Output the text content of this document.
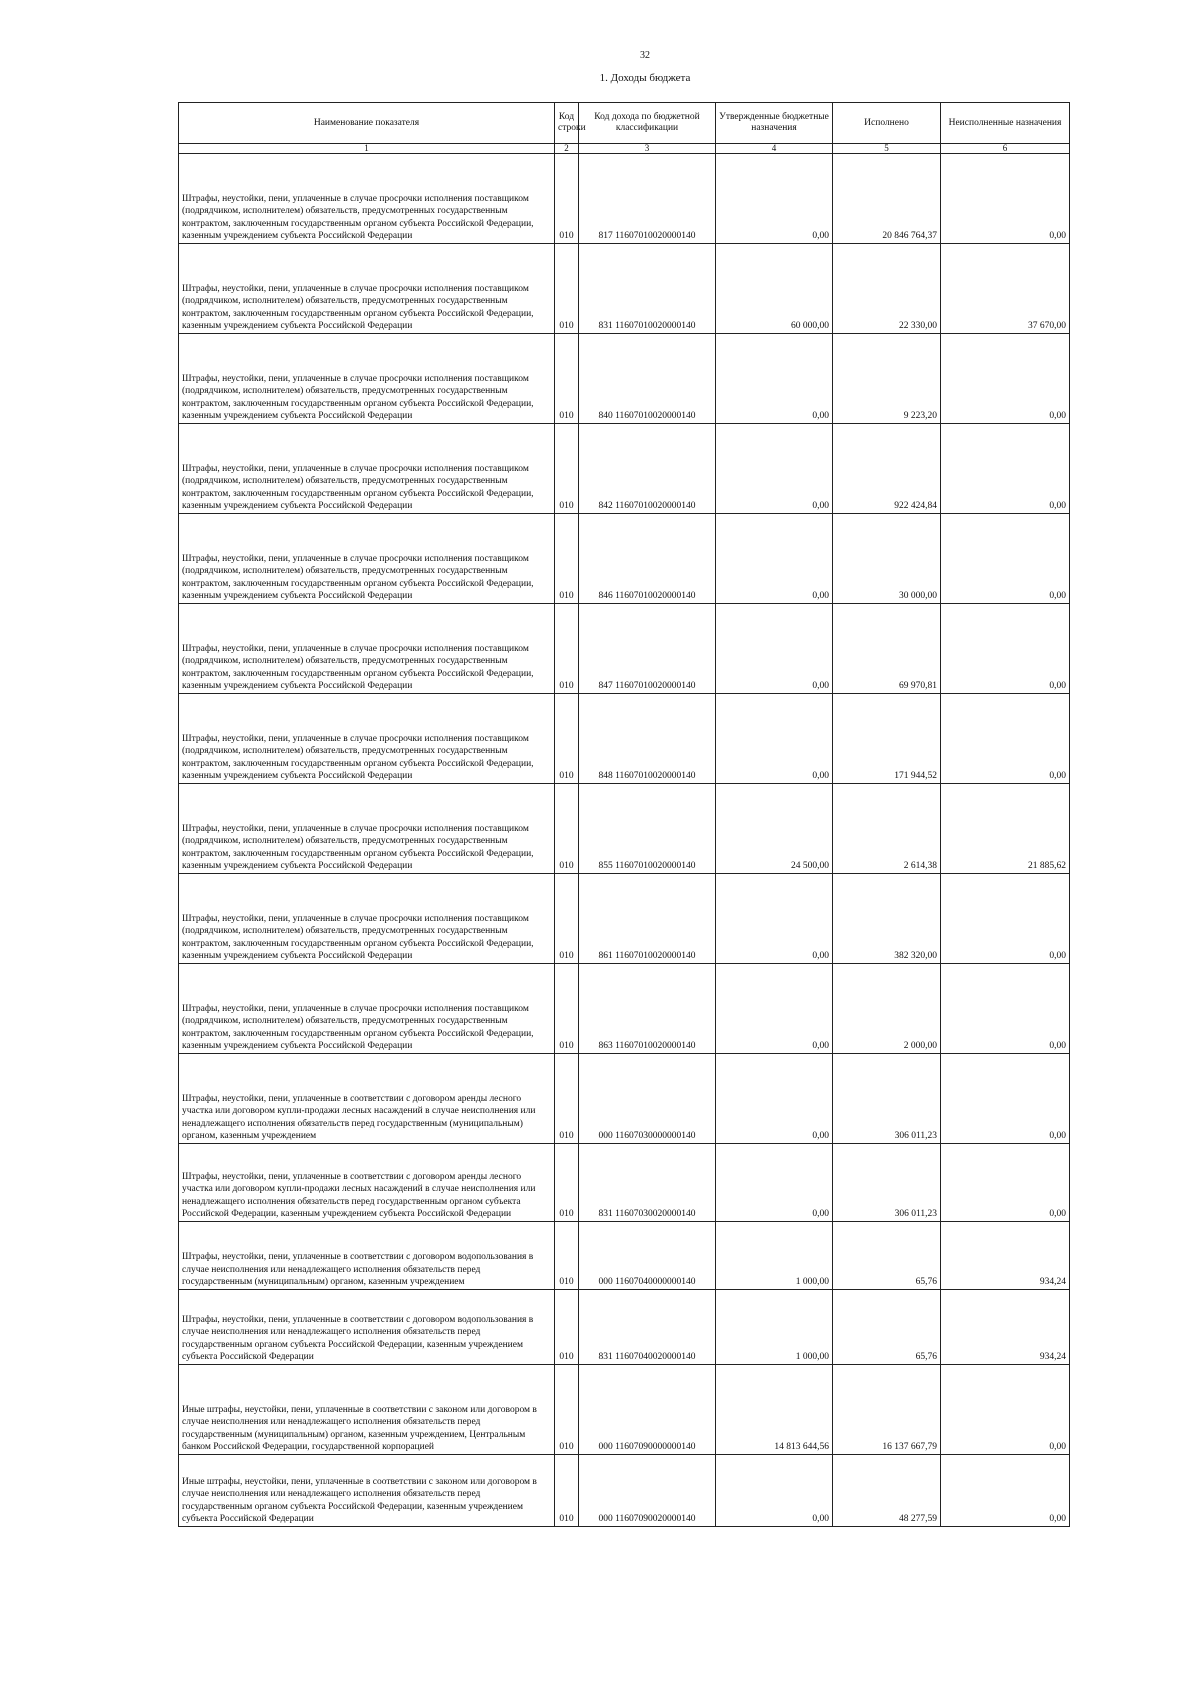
32
1. Доходы бюджета
Наименование показателя	Код строки	Код дохода по бюджетной классификации	Утвержденные бюджетные назначения	Исполнено	Неисполненные назначения
1	2	3	4	5	6
Штрафы, неустойки, пени, уплаченные в случае просрочки исполнения поставщиком (подрядчиком, исполнителем) обязательств, предусмотренных государственным контрактом, заключенным государственным органом субъекта Российской Федерации, казенным учреждением субъекта Российской Федерации	010	817 11607010020000140	0,00	20 846 764,37	0,00
Штрафы, неустойки, пени, уплаченные в случае просрочки исполнения поставщиком (подрядчиком, исполнителем) обязательств, предусмотренных государственным контрактом, заключенным государственным органом субъекта Российской Федерации, казенным учреждением субъекта Российской Федерации	010	831 11607010020000140	60 000,00	22 330,00	37 670,00
Штрафы, неустойки, пени, уплаченные в случае просрочки исполнения поставщиком (подрядчиком, исполнителем) обязательств, предусмотренных государственным контрактом, заключенным государственным органом субъекта Российской Федерации, казенным учреждением субъекта Российской Федерации	010	840 11607010020000140	0,00	9 223,20	0,00
Штрафы, неустойки, пени, уплаченные в случае просрочки исполнения поставщиком (подрядчиком, исполнителем) обязательств, предусмотренных государственным контрактом, заключенным государственным органом субъекта Российской Федерации, казенным учреждением субъекта Российской Федерации	010	842 11607010020000140	0,00	922 424,84	0,00
Штрафы, неустойки, пени, уплаченные в случае просрочки исполнения поставщиком (подрядчиком, исполнителем) обязательств, предусмотренных государственным контрактом, заключенным государственным органом субъекта Российской Федерации, казенным учреждением субъекта Российской Федерации	010	846 11607010020000140	0,00	30 000,00	0,00
Штрафы, неустойки, пени, уплаченные в случае просрочки исполнения поставщиком (подрядчиком, исполнителем) обязательств, предусмотренных государственным контрактом, заключенным государственным органом субъекта Российской Федерации, казенным учреждением субъекта Российской Федерации	010	847 11607010020000140	0,00	69 970,81	0,00
Штрафы, неустойки, пени, уплаченные в случае просрочки исполнения поставщиком (подрядчиком, исполнителем) обязательств, предусмотренных государственным контрактом, заключенным государственным органом субъекта Российской Федерации, казенным учреждением субъекта Российской Федерации	010	848 11607010020000140	0,00	171 944,52	0,00
Штрафы, неустойки, пени, уплаченные в случае просрочки исполнения поставщиком (подрядчиком, исполнителем) обязательств, предусмотренных государственным контрактом, заключенным государственным органом субъекта Российской Федерации, казенным учреждением субъекта Российской Федерации	010	855 11607010020000140	24 500,00	2 614,38	21 885,62
Штрафы, неустойки, пени, уплаченные в случае просрочки исполнения поставщиком (подрядчиком, исполнителем) обязательств, предусмотренных государственным контрактом, заключенным государственным органом субъекта Российской Федерации, казенным учреждением субъекта Российской Федерации	010	861 11607010020000140	0,00	382 320,00	0,00
Штрафы, неустойки, пени, уплаченные в случае просрочки исполнения поставщиком (подрядчиком, исполнителем) обязательств, предусмотренных государственным контрактом, заключенным государственным органом субъекта Российской Федерации, казенным учреждением субъекта Российской Федерации	010	863 11607010020000140	0,00	2 000,00	0,00
Штрафы, неустойки, пени, уплаченные в соответствии с договором аренды лесного участка или договором купли-продажи лесных насаждений в случае неисполнения или ненадлежащего исполнения обязательств перед государственным (муниципальным) органом, казенным учреждением	010	000 11607030000000140	0,00	306 011,23	0,00
Штрафы, неустойки, пени, уплаченные в соответствии с договором аренды лесного участка или договором купли-продажи лесных насаждений в случае неисполнения или ненадлежащего исполнения обязательств перед государственным органом субъекта Российской Федерации, казенным учреждением субъекта Российской Федерации	010	831 11607030020000140	0,00	306 011,23	0,00
Штрафы, неустойки, пени, уплаченные в соответствии с договором водопользования в случае неисполнения или ненадлежащего исполнения обязательств перед государственным (муниципальным) органом, казенным учреждением	010	000 11607040000000140	1 000,00	65,76	934,24
Штрафы, неустойки, пени, уплаченные в соответствии с договором водопользования в случае неисполнения или ненадлежащего исполнения обязательств перед государственным органом субъекта Российской Федерации, казенным учреждением субъекта Российской Федерации	010	831 11607040020000140	1 000,00	65,76	934,24
Иные штрафы, неустойки, пени, уплаченные в соответствии с законом или договором в случае неисполнения или ненадлежащего исполнения обязательств перед государственным (муниципальным) органом, казенным учреждением, Центральным банком Российской Федерации, государственной корпорацией	010	000 11607090000000140	14 813 644,56	16 137 667,79	0,00
Иные штрафы, неустойки, пени, уплаченные в соответствии с законом или договором в случае неисполнения или ненадлежащего исполнения обязательств перед государственным органом субъекта Российской Федерации, казенным учреждением субъекта Российской Федерации	010	000 11607090020000140	0,00	48 277,59	0,00
